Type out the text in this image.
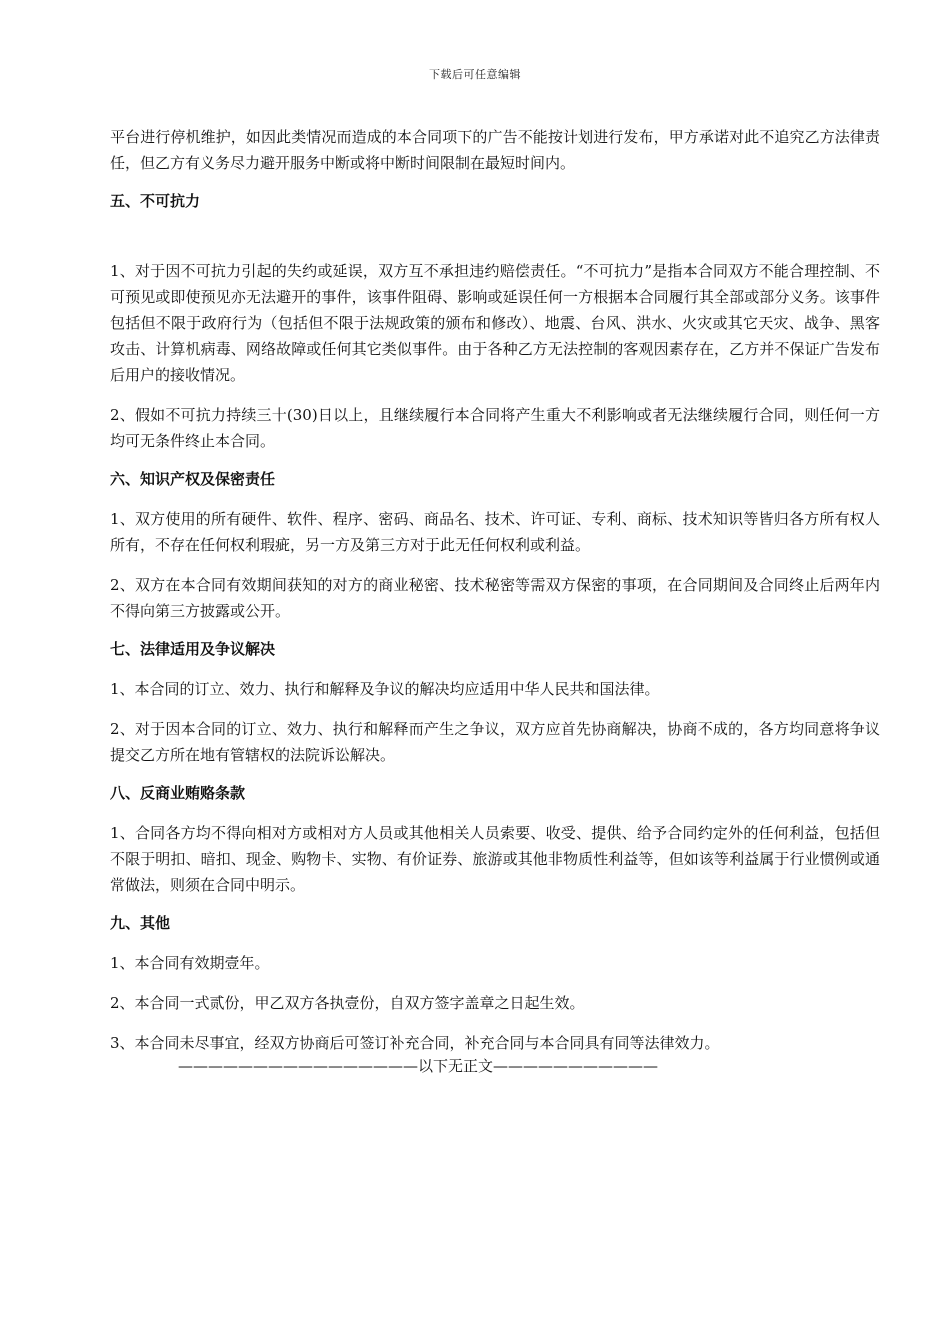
下载后可任意编辑

平台进行停机维护，如因此类情况而造成的本合同项下的广告不能按计划进行发布，甲方承诺对此不追究乙方法律责任，但乙方有义务尽力避开服务中断或将中断时间限制在最短时间内。

五、不可抗力

1、对于因不可抗力引起的失约或延误，双方互不承担违约赔偿责任。“不可抗力”是指本合同双方不能合理控制、不可预见或即使预见亦无法避开的事件，该事件阻碍、影响或延误任何一方根据本合同履行其全部或部分义务。该事件包括但不限于政府行为（包括但不限于法规政策的颁布和修改）、地震、台风、洪水、火灾或其它天灾、战争、黑客攻击、计算机病毒、网络故障或任何其它类似事件。由于各种乙方无法控制的客观因素存在，乙方并不保证广告发布后用户的接收情况。

2、假如不可抗力持续三十(30)日以上，且继续履行本合同将产生重大不利影响或者无法继续履行合同，则任何一方均可无条件终止本合同。

六、知识产权及保密责任

1、双方使用的所有硬件、软件、程序、密码、商品名、技术、许可证、专利、商标、技术知识等皆归各方所有权人所有，不存在任何权利瑕疵，另一方及第三方对于此无任何权利或利益。

2、双方在本合同有效期间获知的对方的商业秘密、技术秘密等需双方保密的事项，在合同期间及合同终止后两年内不得向第三方披露或公开。

七、法律适用及争议解决

1、本合同的订立、效力、执行和解释及争议的解决均应适用中华人民共和国法律。

2、对于因本合同的订立、效力、执行和解释而产生之争议，双方应首先协商解决，协商不成的，各方均同意将争议提交乙方所在地有管辖权的法院诉讼解决。

八、反商业贿赂条款

1、合同各方均不得向相对方或相对方人员或其他相关人员索要、收受、提供、给予合同约定外的任何利益，包括但不限于明扣、暗扣、现金、购物卡、实物、有价证券、旅游或其他非物质性利益等，但如该等利益属于行业惯例或通常做法，则须在合同中明示。

九、其他

1、本合同有效期壹年。

2、本合同一式贰份，甲乙双方各执壹份，自双方签字盖章之日起生效。

3、本合同未尽事宜，经双方协商后可签订补充合同，补充合同与本合同具有同等法律效力。

————————————————以下无正文———————————
